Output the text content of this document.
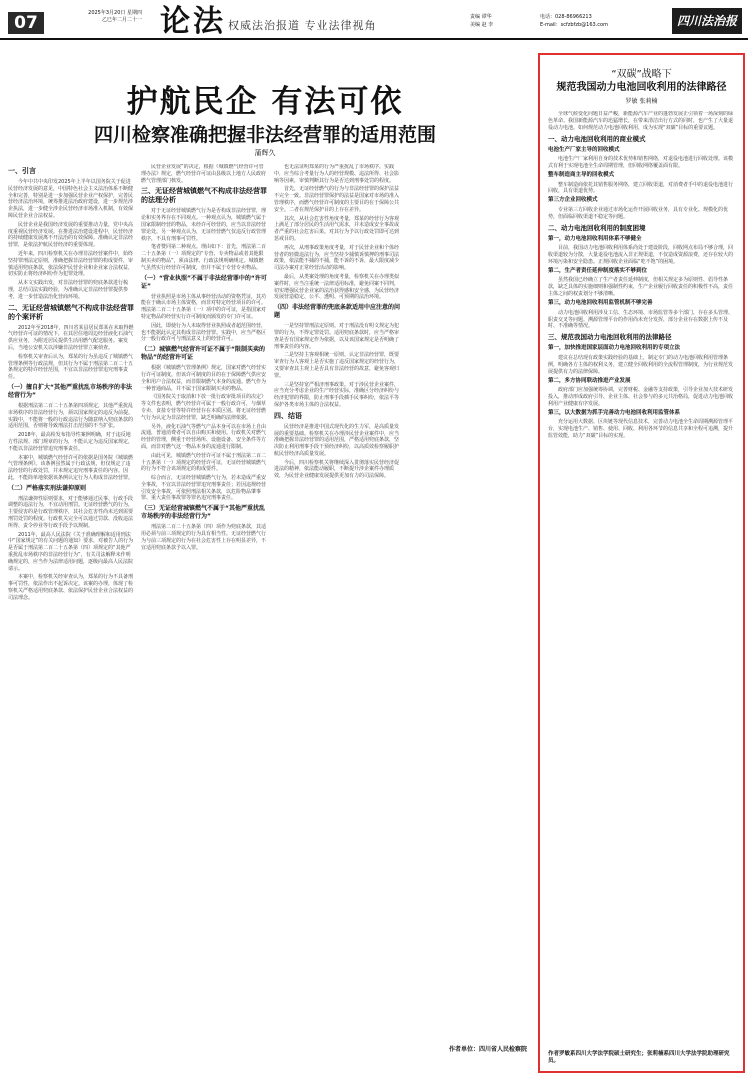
07	2025年3月20日 星期四
乙巳年二月二十一 论法 权威法治报道 专业法律视角
责编 谭华
美编 赵 李
电话：028-86966213
E-mail：scfzbfzb@163.com	四川法治报
护航民企 有法可依
四川检察准确把握非法经营罪的适用范围
蒲辉久
一、引言

今年中共中央印发2025年上半年以国务院关于促进民营经济发展的意见，中国特色社会主义法治体系不断健全和完善，特别是进一步加强民营企业产权保护，完善民营经济法治环境，统筹推进法治政府建设，进一步规范涉企执法，进一步健全涉企民营经济市场准入机制，有效保障民营企业合法权益。

民营企业是我国经济发展的重要推动力量，党中央高度重视民营经济发展。在推进法治建设进程中，民营经济的持续健康发展离不开法治的有效保障。准确认定非法经营罪，是依法护航民营经济的重要体现。

近年来，四川检察机关在办理非法经营案件中，始终坚持罪刑法定原则，准确把握非法经营罪的构成要件，审慎适用兜底条款，依法保护民营企业和企业家合法权益，切实防止将经济纠纷作为犯罪处理。

从本文实践出发，对非法经营罪的兜底条款进行梳理，总结司法实践经验，为准确认定非法经营罪提供参考，进一步营造法治化营商环境。

二、无证经营城镇燃气不构成非法经营罪的个案评析

2012年至2018年，四川省某县居民郑某在未取得燃气经营许可证的情况下，在其居住地周边经营液化石油气供应业务，为附近居民提供生活用燃气配送服务。案发后，当地公安机关以涉嫌非法经营罪立案侦查。

检察机关审查后认为，郑某的行为虽违反了城镇燃气管理条例等行政法规，但其行为不属于刑法第二百二十五条规定的特许经营范围，不宜以非法经营罪追究刑事责任。

（一）擅自扩大“其他严重扰乱市场秩序的非法经营行为”

根据刑法第二百二十五条第四项规定，其他严重扰乱市场秩序的非法经营行为，须以国家规定的违反为前提。实践中，不能将一般的行政违法行为随意纳入兜底条款的适用范围，否则将导致刑法打击范围的不当扩张。

2018年，最高检发布指导性案例明确，对于违反地方性法规、部门规章的行为，不能认定为违反国家规定，不能以非法经营罪追究刑事责任。

本案中，城镇燃气经营许可的依据是国务院《城镇燃气管理条例》。该条例虽然属于行政法规，但仅规定了违法经营的行政处罚，并未规定追究刑事责任的内容。因此，不能简单地依据该条例认定行为人构成非法经营罪。

（二）严格落实刑法谦抑原则

刑法谦抑性原则要求，对于能够通过民事、行政手段调整的违法行为，不宜动用刑罚。无证经营燃气的行为，主要侵害的是行政管理秩序，其社会危害性尚未达到需要刑罚处罚的程度。行政机关完全可以通过罚款、没收违法所得、责令停业等行政手段予以规制。

2011年，最高人民法院《关于准确理解和适用刑法中“国家规定”的有关问题的通知》要求，对被告人的行为是否属于刑法第二百二十五条第（四）项规定的“其他严重扰乱市场秩序的非法经营行为”，有关司法解释未作明确规定的，应当作为法律适用问题，逐级向最高人民法院请示。

本案中，检察机关经审查认为，郑某的行为不具备刑事可罚性，依法作出不起诉决定。该案的办理，体现了检察机关严格适用兜底条款、依法保护民营企业合法权益的司法理念。

民营企业发展”的决定，根据《城镇燃气经营许可管理办法》规定，燃气经营许可证由县级以上地方人民政府燃气管理部门核发。

三、无证经营城镇燃气不构成非法经营罪的法理分析

对于无证经营城镇燃气行为是否构成非法经营罪，理论和实务界存在不同观点。一种观点认为，城镇燃气属于国家限制经营的物品，未经许可经营的，应当以非法经营罪论处。另一种观点认为，无证经营燃气仅违反行政管理秩序，不具有刑事可罚性。

笔者赞同第二种观点。理由如下：首先，刑法第二百二十五条第（一）项规定的“专营、专卖物品或者其他限制买卖的物品”，须由法律、行政法规明确规定。城镇燃气虽然实行经营许可制度，但并不属于专营专卖物品。

（一）“营业执照”不属于非法经营罪中的“许可证”

营业执照是市场主体从事经营活动的资格凭证，其功能在于确认市场主体资格，而非对特定经营项目的许可。刑法第二百二十五条第（一）项中的许可证，是指国家对特定物品的经营实行许可制度而颁发的专门许可证。

因此，即使行为人未取得营业执照或者超范围经营，也不能据此认定其构成非法经营罪。实践中，应当严格区分一般行政许可与刑法意义上的经营许可。

（二）城镇燃气经营许可证不属于“限制买卖的物品”的经营许可证

根据《城镇燃气管理条例》规定，国家对燃气经营实行许可证制度。但该许可制度的目的在于保障燃气供应安全和用户合法权益，而非限制燃气本身的流通。燃气作为一种普通商品，并不属于国家限制买卖的物品。

《国务院关于取消和下放一批行政审批项目的决定》等文件也表明，燃气经营许可属于一般行政许可，与烟草专卖、食盐专营等特许经营存在本质区别。将无证经营燃气行为认定为非法经营罪，缺乏明确的法律依据。

另外，液化石油气等燃气产品本身可以在市场上自由流通，普通消费者可以自由购买和使用。行政机关对燃气经营的管理，侧重于经营场所、设施设备、安全条件等方面，而非对燃气这一物品本身的流通进行限制。

由此可见，城镇燃气经营许可证不属于刑法第二百二十五条第（一）项规定的经营许可证，无证经营城镇燃气的行为不符合该项规定的构成要件。

综合而言，无证经营城镇燃气行为，若未造成严重安全事故，不宜以非法经营罪追究刑事责任；若因违规经营引发安全事故，可依照刑法相关条款，以危险物品肇事罪、重大责任事故罪等罪名追究刑事责任。

（三）无证经营城镇燃气不属于“其他严重扰乱市场秩序的非法经营行为”

刑法第二百二十五条第（四）项作为兜底条款，其适用必须与前三项规定的行为具有相当性。无证经营燃气行为与前三项规定的行为在社会危害性上存在明显差异，不宜适用兜底条款予以入罪。

也无法证明郑某的行为严重扰乱了市场秩序。实践中，应当综合考量行为人的经营规模、违法所得、社会影响等因素，审慎判断其行为是否达到刑事处罚的程度。

首先，无证经营燃气的行为与非法经营罪的保护法益不完全一致。非法经营罪保护的法益是国家对市场的准入管理秩序，而燃气经营许可制度的主要目的在于保障公共安全。二者在规范保护目的上存在差异。

其次，从社会危害性角度考量，郑某的经营行为客观上满足了部分居民的生活用气需求，并未造成安全事故或者严重的社会危害后果。对其行为予以行政处罚即可达到惩戒目的。

再次，从刑事政策角度考量，对于民营企业和个体经营者的轻微违法行为，应当坚持少捕慎诉慎押的刑事司法政策，依法能不捕的不捕，能不诉的不诉，最大限度减少司法办案对正常经营活动的影响。

最后，从类案处理的角度考量，检察机关在办理类似案件时，应当注重统一法律适用标准，避免同案不同判，切实增强民营企业家的法治获得感和安全感，为民营经济发展营造稳定、公平、透明、可预期的法治环境。

（四）非法经营罪的兜底条款适用中应注意的问题

一是坚持罪刑法定原则。对于刑法没有明文规定为犯罪的行为，不得定罪处罚。适用兜底条款时，应当严格审查是否有国家规定作为依据，以及该国家规定是否明确了刑事责任的内容。

二是坚持主客观相统一原则。认定非法经营罪，既要审查行为人客观上是否实施了违反国家规定的经营行为，又要审查其主观上是否具有非法经营的故意，避免客观归罪。

三是坚持宽严相济刑事政策。对于涉民营企业案件，应当充分考虑企业的生产经营实际，准确区分经济纠纷与经济犯罪的界限，防止刑事手段插手民事纠纷，依法平等保护各类市场主体的合法权益。

四、结语

民营经济是推进中国式现代化的生力军，是高质量发展的重要基础。检察机关在办理涉民营企业案件中，应当准确把握非法经营罪的适用范围，严格适用兜底条款，坚决防止利用刑事手段干预经济纠纷，以高质效检察履职护航民营经济高质量发展。

今后，四川检察机关将继续深入贯彻落实民营经济促进法的精神，依法能动履职，不断提升涉企案件办理质效，为民营企业健康发展提供更加有力的司法保障。

作者单位：四川省人民检察院
“双碳”战略下
规范我国动力电池回收利用的法律路径
罗敏 张莉楠

全球气候变化问题日益严峻，新能源汽车产业的蓬勃发展正引领着一场深刻的绿色革命。我国新能源汽车的迅猛增长，在带来清洁出行方式的同时，也产生了大量退役动力电池。如何规范动力电池回收利用，成为实现“双碳”目标的重要议题。

一、动力电池回收利用的商业模式
电池生产厂家主导的回收模式

电池生产厂家利用自身的技术优势和销售网络，对退役电池进行回收处理。该模式有利于实现电池全生命周期管理，但回收网络覆盖面有限。

整车制造商主导的回收模式

整车制造商依托其销售服务网络，建立回收渠道，对消费者手中的退役电池进行回收，具有渠道优势。

第三方企业回收模式

专业第三方回收企业通过市场化运作开展回收业务，具有专业化、规模化的优势，但面临回收渠道不稳定等问题。

二、动力电池回收利用的制度困境
第一，动力电池回收利用体系不够健全

目前，我国动力电池回收利用体系尚处于建设阶段，回收网点布局不够合理，回收渠道较为分散，大量退役电池流入非正规渠道，不仅造成资源浪费，还存在较大的环境污染和安全隐患。正规回收企业面临“吃不饱”的困境。

第二，生产者责任延伸制度落实不够到位

虽然我国已经确立了生产者责任延伸制度，但相关规定多为原则性、倡导性条款，缺乏具体的实施细则和强制性约束，生产企业履行回收责任的积极性不高，责任主体之间的权责划分不够清晰。

第三，动力电池回收利用监管机制不够完善

动力电池回收利用涉及工信、生态环境、市场监管等多个部门，存在多头管理、职责交叉等问题。溯源管理平台的作用尚未充分发挥，部分企业存在数据上传不及时、不准确等情况。

三、规范我国动力电池回收利用的法律路径
第一，加快推进国家层面动力电池回收利用的专项立法

建议在总结现有政策实践经验的基础上，制定专门的动力电池回收利用管理条例，明确各方主体的权利义务，建立健全回收利用的全流程管理制度，为行业规范发展提供有力的法律保障。

第二，多方协同联动推进产业发展

政府部门应加强统筹协调，完善财税、金融等支持政策，引导企业加大技术研发投入，推动形成政府引导、企业主体、社会参与的多元共治格局，促进动力电池回收利用产业健康有序发展。

第三，以大数据为抓手完善动力电池回收利用监管体系

充分运用大数据、区块链等现代信息技术，完善动力电池全生命周期溯源管理平台，实现电池生产、销售、使用、回收、利用各环节的信息共享和全程可追溯，提升监管效能，助力“双碳”目标的实现。

作者罗敏系四川大学法学院硕士研究生；张莉楠系四川大学法学院助理研究员。
